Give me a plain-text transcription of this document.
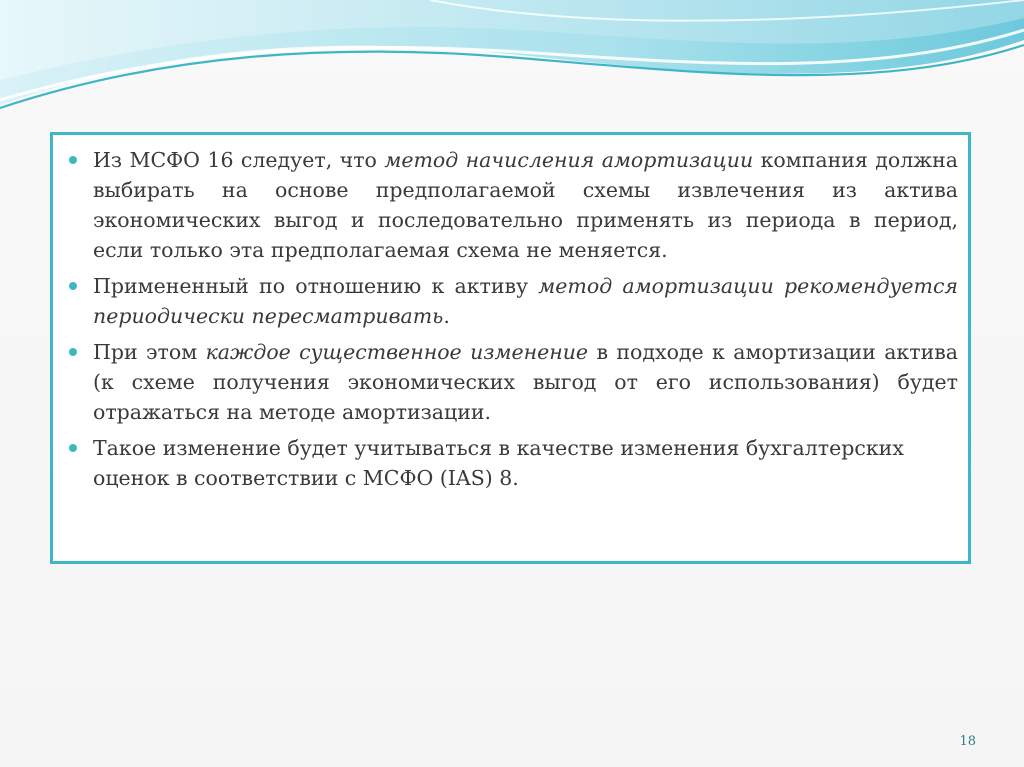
Из МСФО 16 следует, что метод начисления амортизации компания должна выбирать на основе предполагаемой схемы извлечения из актива экономических выгод и последовательно применять из периода в период, если только эта предполагаемая схема не меняется.
Примененный по отношению к активу метод амортизации рекомендуется периодически пересматривать.
При этом каждое существенное изменение в подходе к амортизации актива (к схеме получения экономических выгод от его использования) будет отражаться на методе амортизации.
Такое изменение будет учитываться в качестве изменения бухгалтерских оценок в соответствии с МСФО (IAS) 8.
18
